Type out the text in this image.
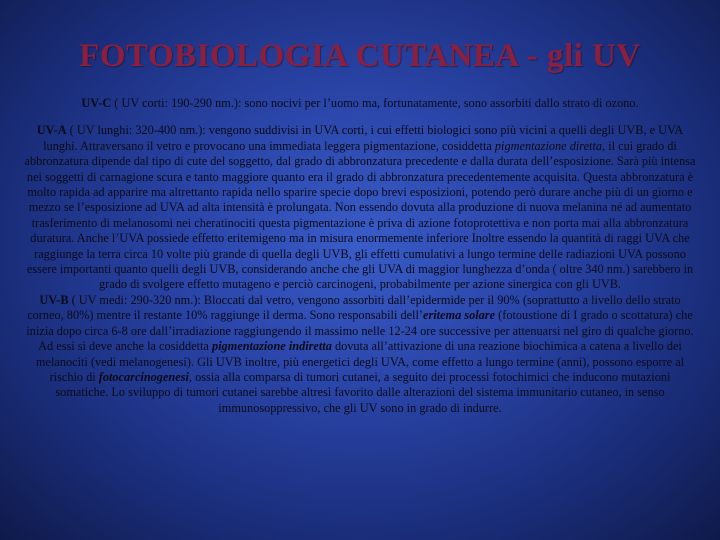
FOTOBIOLOGIA CUTANEA - gli UV

UV-C ( UV corti: 190-290 nm.): sono nocivi per l’uomo ma, fortunatamente, sono assorbiti dallo strato di ozono.

UV-A ( UV lunghi: 320-400 nm.): vengono suddivisi in UVA corti, i cui effetti biologici sono più vicini a quelli degli UVB, e UVA lunghi. Attraversano il vetro e provocano una immediata leggera pigmentazione, cosiddetta pigmentazione diretta, il cui grado di abbronzatura dipende dal tipo di cute del soggetto, dal grado di abbronzatura precedente e dalla durata dell’esposizione. Sarà più intensa nei soggetti di carnagione scura e tanto maggiore quanto era il grado di abbronzatura precedentemente acquisita. Questa abbronzatura è molto rapida ad apparire ma altrettanto rapida nello sparire specie dopo brevi esposizioni, potendo però durare anche più di un giorno e mezzo se l’esposizione ad UVA ad alta intensità è prolungata. Non essendo dovuta alla produzione di nuova melanina né ad aumentato trasferimento di melanosomi nei cheratinociti questa pigmentazione è priva di azione fotoprotettiva e non porta mai alla abbronzatura duratura. Anche l’UVA possiede effetto eritemigeno ma in misura enormemente inferiore Inoltre essendo la quantità di raggi UVA che raggiunge la terra circa 10 volte più grande di quella degli UVB, gli effetti cumulativi a lungo termine delle radiazioni UVA possono essere importanti quanto quelli degli UVB, considerando anche che gli UVA di maggior lunghezza d’onda ( oltre 340 nm.) sarebbero in grado di svolgere effetto mutageno e perciò carcinogeni, probabilmente per azione sinergica con gli UVB.

UV-B ( UV medi: 290-320 nm.): Bloccati dal vetro, vengono assorbiti dall’epidermide per il 90% (soprattutto a livello dello strato corneo, 80%) mentre il restante 10% raggiunge il derma. Sono responsabili dell’eritema solare (fotoustione di I grado o scottatura) che inizia dopo circa 6-8 ore dall’irradiazione raggiungendo il massimo nelle 12-24 ore successive per attenuarsi nel giro di qualche giorno. Ad essi si deve anche la cosiddetta pigmentazione indiretta dovuta all’attivazione di una reazione biochimica a catena a livello dei melanociti (vedi melanogenesi). Gli UVB inoltre, più energetici degli UVA, come effetto a lungo termine (anni), possono esporre al rischio di fotocarcinogenesi, ossia alla comparsa di tumori cutanei, a seguito dei processi fotochimici che inducono mutazioni somatiche. Lo sviluppo di tumori cutanei sarebbe altresì favorito dalle alterazioni del sistema immunitario cutaneo, in senso immunosoppressivo, che gli UV sono in grado di indurre.
